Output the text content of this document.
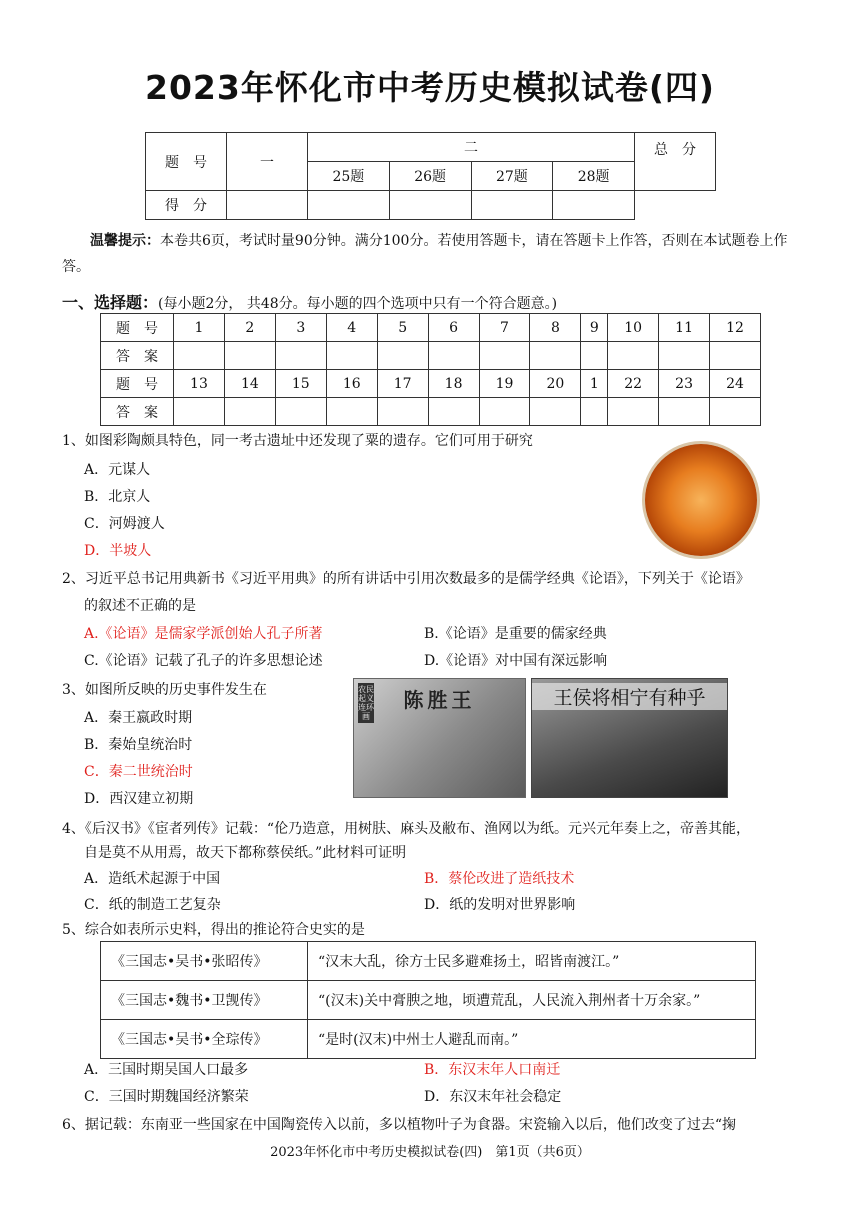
2023年怀化市中考历史模拟试卷(四)
题　号	一	二				总　分
		25题	26题	27题	28题	
得　分						
温馨提示：本卷共6页，考试时量90分钟。满分100分。若使用答题卡，请在答题卡上作答，否则在本试题卷上作答。
一、选择题：(每小题2分， 共48分。每小题的四个选项中只有一个符合题意。)
题　号	1	2	3	4	5	6	7	8	9	10	11	12
答　案												
题　号	13	14	15	16	17	18	19	20	1	22	23	24
答　案												
1、如图彩陶颇具特色，同一考古遗址中还发现了粟的遗存。它们可用于研究
A．元谋人
B．北京人
C．河姆渡人
D．半坡人
2、习近平总书记用典新书《习近平用典》的所有讲话中引用次数最多的是儒学经典《论语》，下列关于《论语》
的叙述不正确的是
A.《论语》是儒家学派创始人孔子所著	B.《论语》是重要的儒家经典
C.《论语》记载了孔子的许多思想论述	D.《论语》对中国有深远影响
3、如图所反映的历史事件发生在
A．秦王嬴政时期
B．秦始皇统治时
C．秦二世统治时
D．西汉建立初期
农民起义连环画
陈胜王	王侯将相宁有种乎
4、《后汉书》《宦者列传》记载：“伦乃造意，用树肤、麻头及敝布、渔网以为纸。元兴元年奏上之，帝善其能，
自是莫不从用焉，故天下都称蔡侯纸。”此材料可证明
A．造纸术起源于中国	B．蔡伦改进了造纸技术
C．纸的制造工艺复杂	D．纸的发明对世界影响
5、综合如表所示史料，得出的推论符合史实的是
《三国志•吴书•张昭传》	“汉末大乱，徐方士民多避难扬土，昭皆南渡江。”
《三国志•魏书•卫觊传》	“(汉末)关中膏腴之地，顷遭荒乱，人民流入荆州者十万余家。”
《三国志•吴书•全琮传》	“是时(汉末)中州士人避乱而南。”
A．三国时期吴国人口最多	B．东汉末年人口南迁
C．三国时期魏国经济繁荣	D．东汉末年社会稳定
6、据记载：东南亚一些国家在中国陶瓷传入以前，多以植物叶子为食器。宋瓷输入以后，他们改变了过去“掬
2023年怀化市中考历史模拟试卷(四)　第1页（共6页）
